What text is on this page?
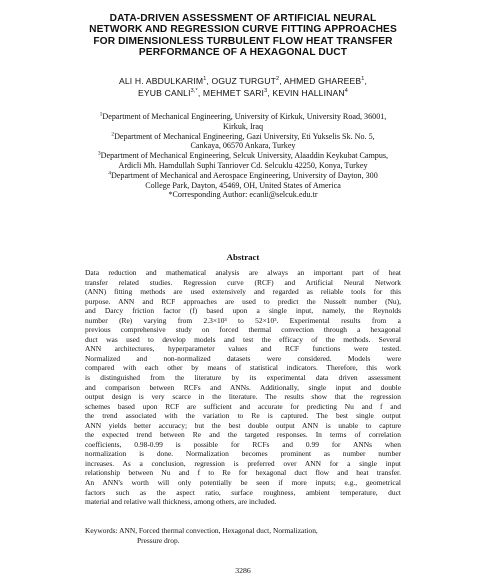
DATA-DRIVEN ASSESSMENT OF ARTIFICIAL NEURAL
NETWORK AND REGRESSION CURVE FITTING APPROACHES
FOR DIMENSIONLESS TURBULENT FLOW HEAT TRANSFER
PERFORMANCE OF A HEXAGONAL DUCT
ALI H. ABDULKARIM$^1$, OGUZ TURGUT$^2$, AHMED GHAREEB$^1$,
EYUB $CANLI^{3,*}$, MEHMET SARI$^3$, KEVIN HALLINAN$^4$
$^1$Department of Mechanical Engineering, University of Kirkuk, University Road, 36001,
Kirkuk, Iraq
$^2$Department of Mechanical Engineering, Gazi University, Eti Yukselis Sk. No. 5,
Cankaya, 06570 Ankara, Turkey
$^3$Department of Mechanical Engineering, Selcuk University, Alaaddin Keykubat Campus,
Ardicli Mh. Hamdullah Suphi Tanriover Cd. Selcuklu 42250, Konya, Turkey
$^4$Department of Mechanical and Aerospace Engineering, University of Dayton, 300
College Park, Dayton, 45469, OH, United States of America
*Corresponding Author: ecanli@selcuk.edu.tr
Abstract
Data reduction and mathematical analysis are always an important part of heat
transfer related studies. Regression curve (RCF) and Artificial Neural Network
(ANN) fitting methods are used extensively and regarded as reliable tools for this
purpose. ANN and RCF approaches are used to predict the Nusselt number (Nu),
and Darcy friction factor (f) based upon a single input, namely, the Reynolds
number (Re) varying from 2.3×10³ to 52×10³. Experimental results from a
previous comprehensive study on forced thermal convection through a hexagonal
duct was used to develop models and test the efficacy of the methods. Several
ANN architectures, hyperparameter values and RCF functions were tested.
Normalized and non-normalized datasets were considered. Models were
compared with each other by means of statistical indicators. Therefore, this work
is distinguished from the literature by its experimental data driven assessment
and comparison between RCFs and ANNs. Additionally, single input and double
output design is very scarce in the literature. The results show that the regression
schemes based upon RCF are sufficient and accurate for predicting Nu and f and
the trend associated with the variation to Re is captured. The best single output
ANN yields better accuracy; but the best double output ANN is unable to capture
the expected trend between Re and the targeted responses. In terms of correlation
coefficients, 0.98-0.99 is possible for RCFs and 0.99 for ANNs when
normalization is done. Normalization becomes prominent as number number
increases. As a conclusion, regression is preferred over ANN for a single input
relationship between Nu and f to Re for hexagonal duct flow and heat transfer.
An ANN's worth will only potentially be seen if more inputs; e.g., geometrical
factors such as the aspect ratio, surface roughness, ambient temperature, duct
material and relative wall thickness, among others, are included.
Keywords: ANN, Forced thermal convection, Hexagonal duct, Normalization,
Pressure drop.
3286
